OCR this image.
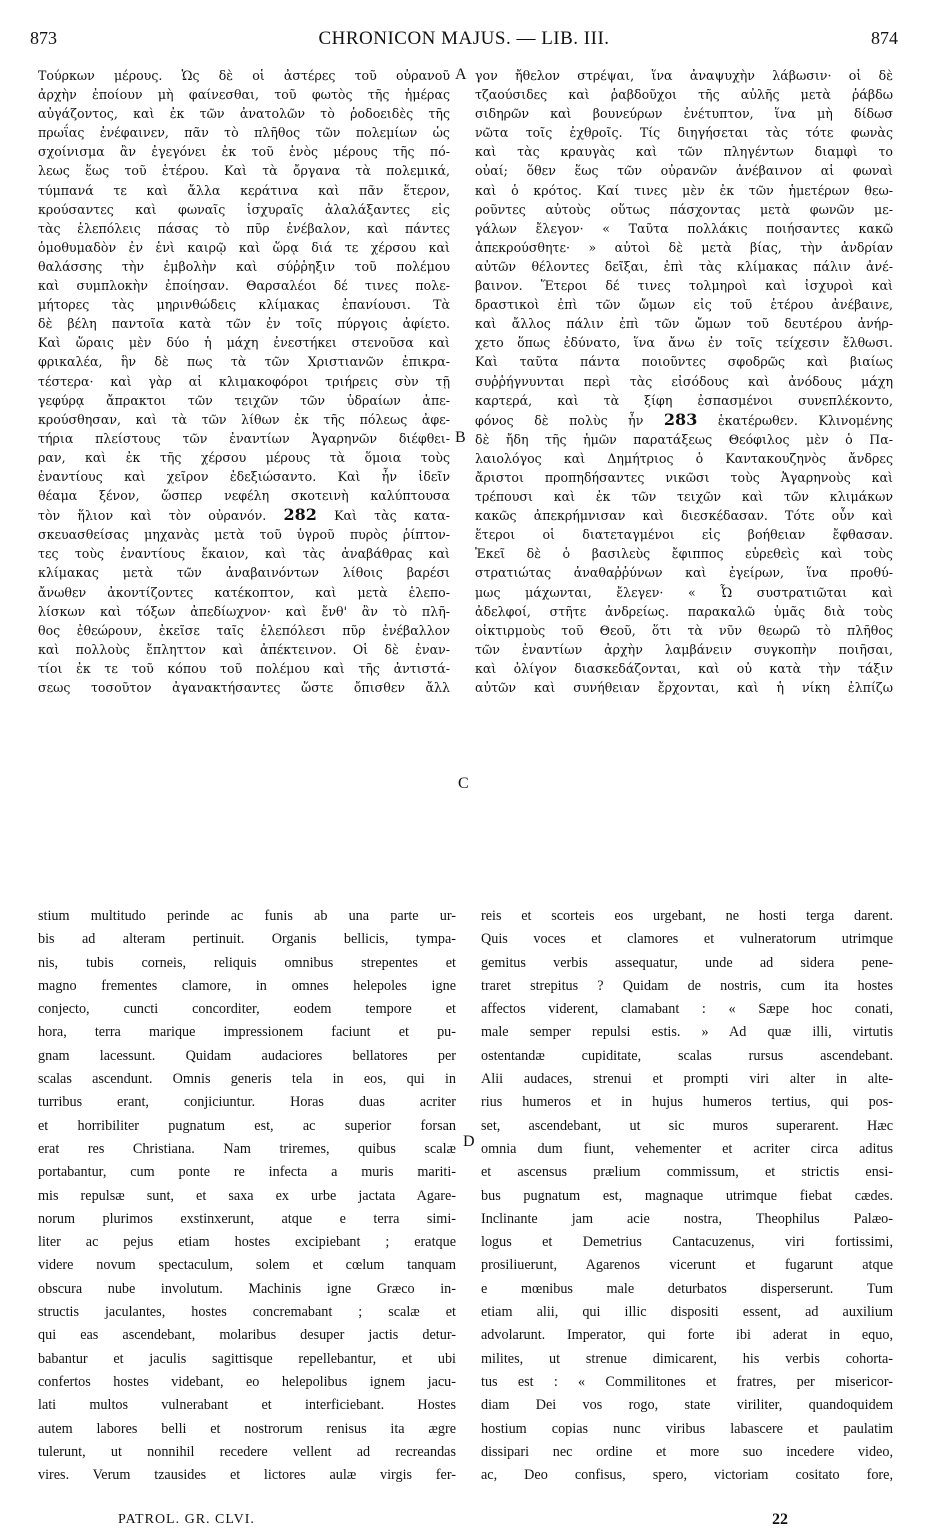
873	CHRONICON MAJUS. — LIB. III.	874
Τούρκων μέρους. Ὡς δὲ οἱ ἀστέρες τοῦ οὐρανοῦ
ἀρχὴν ἐποίουν μὴ φαίνεσθαι, τοῦ φωτὸς τῆς ἡμέρας
αὐγάζοντος, καὶ ἐκ τῶν ἀνατολῶν τὸ ῥοδοειδὲς τῆς
πρωΐας ἐνέφαινεν, πᾶν τὸ πλῆθος τῶν πολεμίων ὡς
σχοίνισμα ἂν ἐγεγόνει ἐκ τοῦ ἑνὸς μέρους τῆς πό-
λεως ἕως τοῦ ἑτέρου. Καὶ τὰ ὄργανα τὰ πολεμικά,
τύμπανά τε καὶ ἄλλα κεράτινα καὶ πᾶν ἕτερον,
κρούσαντες καὶ φωναῖς ἰσχυραῖς ἀλαλάξαντες εἰς
τὰς ἑλεπόλεις πάσας τὸ πῦρ ἐνέβαλον, καὶ πάντες
ὁμοθυμαδὸν ἐν ἑνὶ καιρῷ καὶ ὥρᾳ διά τε χέρσου καὶ
θαλάσσης τὴν ἐμβολὴν καὶ σύῤῥηξιν τοῦ πολέμου
καὶ συμπλοκὴν ἐποίησαν. Θαρσαλέοι δέ τινες πολε-
μήτορες τὰς μηρινθώδεις κλίμακας ἐπανίουσι. Τὰ
δὲ βέλη παντοῖα κατὰ τῶν ἐν τοῖς πύργοις ἀφίετο.
Καὶ ὥραις μὲν δύο ἡ μάχη ἐνεστήκει στενοῦσα καὶ
φρικαλέα, ἣν δὲ πως τὰ τῶν Χριστιανῶν ἐπικρα-
τέστερα· καὶ γὰρ αἱ κλιμακοφόροι τριήρεις σὺν τῇ
γεφύρᾳ ἄπρακτοι τῶν τειχῶν τῶν ὑδραίων ἀπε-
κρούσθησαν, καὶ τὰ τῶν λίθων ἐκ τῆς πόλεως ἀφε-
τήρια πλείστους τῶν ἐναντίων Ἀγαρηνῶν διέφθει-
ραν, καὶ ἐκ τῆς χέρσου μέρους τὰ ὅμοια τοὺς
ἐναντίους καὶ χεῖρον ἐδεξιώσαντο. Καὶ ἦν ἰδεῖν
θέαμα ξένον, ὥσπερ νεφέλη σκοτεινὴ καλύπτουσα
τὸν ἥλιον καὶ τὸν οὐρανόν. 282 Καὶ τὰς κατα-
σκευασθείσας μηχανὰς μετὰ τοῦ ὑγροῦ πυρὸς ῥίπτον-
τες τοὺς ἐναντίους ἔκαιον, καὶ τὰς ἀναβάθρας καὶ
κλίμακας μετὰ τῶν ἀναβαινόντων λίθοις βαρέσι
ἄνωθεν ἀκοντίζοντες κατέκοπτον, καὶ μετὰ ἑλεπο-
λίσκων καὶ τόξων ἀπεδίωχνον· καὶ ἔνθ' ἂν τὸ πλῆ-
θος ἐθεώρουν, ἐκεῖσε ταῖς ἑλεπόλεσι πῦρ ἐνέβαλλον
καὶ πολλοὺς ἔπληττον καὶ ἀπέκτεινον. Οἱ δὲ ἐναν-
τίοι ἐκ τε τοῦ κόπου τοῦ πολέμου καὶ τῆς ἀντιστά-
σεως τοσοῦτον ἀγανακτήσαντες ὥστε ὄπισθεν ἄλλ
γον ἤθελον στρέψαι, ἵνα ἀναψυχὴν λάβωσιν· οἱ δὲ
τζαούσιδες καὶ ῥαβδοῦχοι τῆς αὐλῆς μετὰ ῥάβδω
σιδηρῶν καὶ βουνεύρων ἐνέτυπτον, ἵνα μὴ δίδωσ
νῶτα τοῖς ἐχθροῖς. Τίς διηγήσεται τὰς τότε φωνὰς
καὶ τὰς κραυγὰς καὶ τῶν πληγέντων διαμφὶ το
οὐαί; ὅθεν ἕως τῶν οὐρανῶν ἀνέβαινον αἱ φωναὶ
καὶ ὁ κρότος. Καί τινες μὲν ἐκ τῶν ἡμετέρων θεω-
ροῦντες αὐτοὺς οὕτως πάσχοντας μετὰ φωνῶν με-
γάλων ἔλεγον· « Ταῦτα πολλάκις ποιήσαντες κακῶ
ἀπεκρούσθητε· » αὐτοὶ δὲ μετὰ βίας, τὴν ἀνδρίαν
αὐτῶν θέλοντες δεῖξαι, ἐπὶ τὰς κλίμακας πάλιν ἀνέ-
βαινον. Ἕτεροι δέ τινες τολμηροὶ καὶ ἰσχυροὶ καὶ
δραστικοὶ ἐπὶ τῶν ὤμων εἰς τοῦ ἑτέρου ἀνέβαινε,
καὶ ἄλλος πάλιν ἐπὶ τῶν ὤμων τοῦ δευτέρου ἀνήρ-
χετο ὅπως ἐδύνατο, ἵνα ἄνω ἐν τοῖς τείχεσιν ἔλθωσι.
Καὶ ταῦτα πάντα ποιοῦντες σφοδρῶς καὶ βιαίως
συῤῥήγνυνται περὶ τὰς εἰσόδους καὶ ἀνόδους μάχη
καρτερά, καὶ τὰ ξίφη ἐσπασμένοι συνεπλέκοντο,
φόνος δὲ πολὺς ἦν 283 ἑκατέρωθεν. Κλινομένης
δὲ ἤδη τῆς ἡμῶν παρατάξεως Θεόφιλος μὲν ὁ Πα-
λαιολόγος καὶ Δημήτριος ὁ Καντακουζηνὸς ἄνδρες
ἄριστοι προπηδήσαντες νικῶσι τοὺς Ἀγαρηνοὺς καὶ
τρέπουσι καὶ ἐκ τῶν τειχῶν καὶ τῶν κλιμάκων
κακῶς ἀπεκρήμνισαν καὶ διεσκέδασαν. Τότε οὖν καὶ
ἕτεροι οἱ διατεταγμένοι εἰς βοήθειαν ἔφθασαν.
Ἐκεῖ δὲ ὁ βασιλεὺς ἔφιππος εὑρεθεὶς καὶ τοὺς
στρατιώτας ἀναθαῤῥύνων καὶ ἐγείρων, ἵνα προθύ-
μως μάχωνται, ἔλεγεν· « Ὦ συστρατιῶται καὶ
ἀδελφοί, στῆτε ἀνδρείως. παρακαλῶ ὑμᾶς διὰ τοὺς
οἰκτιρμοὺς τοῦ Θεοῦ, ὅτι τὰ νῦν θεωρῶ τὸ πλῆθος
τῶν ἐναντίων ἀρχὴν λαμβάνειν συγκοπὴν ποιῆσαι,
καὶ ὀλίγον διασκεδάζονται, καὶ οὐ κατὰ τὴν τάξιν
αὐτῶν καὶ συνήθειαν ἔρχονται, καὶ ἡ νίκη ἐλπίζω
A
B
C
D
stium multitudo perinde ac funis ab una parte ur-
bis ad alteram pertinuit. Organis bellicis, tympa-
nis, tubis corneis, reliquis omnibus strepentes et
magno frementes clamore, in omnes helepoles igne
conjecto, cuncti concorditer, eodem tempore et
hora, terra marique impressionem faciunt et pu-
gnam lacessunt. Quidam audaciores bellatores per
scalas ascendunt. Omnis generis tela in eos, qui in
turribus erant, conjiciuntur. Horas duas acriter
et horribiliter pugnatum est, ac superior forsan
erat res Christiana. Nam triremes, quibus scalæ
portabantur, cum ponte re infecta a muris mariti-
mis repulsæ sunt, et saxa ex urbe jactata Agare-
norum plurimos exstinxerunt, atque e terra simi-
liter ac pejus etiam hostes excipiebant ; eratque
videre novum spectaculum, solem et cœlum tanquam
obscura nube involutum. Machinis igne Græco in-
structis jaculantes, hostes concremabant ; scalæ et
qui eas ascendebant, molaribus desuper jactis detur-
babantur et jaculis sagittisque repellebantur, et ubi
confertos hostes videbant, eo helepolibus ignem jacu-
lati multos vulnerabant et interficiebant. Hostes
autem labores belli et nostrorum renisus ita ægre
tulerunt, ut nonnihil recedere vellent ad recreandas
vires. Verum tzausides et lictores aulæ virgis fer-
reis et scorteis eos urgebant, ne hosti terga darent.
Quis voces et clamores et vulneratorum utrimque
gemitus verbis assequatur, unde ad sidera pene-
traret strepitus ? Quidam de nostris, cum ita hostes
affectos viderent, clamabant : « Sæpe hoc conati,
male semper repulsi estis. » Ad quæ illi, virtutis
ostentandæ cupiditate, scalas rursus ascendebant.
Alii audaces, strenui et prompti viri alter in alte-
rius humeros et in hujus humeros tertius, qui pos-
set, ascendebant, ut sic muros superarent. Hæc
omnia dum fiunt, vehementer et acriter circa aditus
et ascensus prælium commissum, et strictis ensi-
bus pugnatum est, magnaque utrimque fiebat cædes.
Inclinante jam acie nostra, Theophilus Palæo-
logus et Demetrius Cantacuzenus, viri fortissimi,
prosiliuerunt, Agarenos vicerunt et fugarunt atque
e mœnibus male deturbatos disperserunt. Tum
etiam alii, qui illic dispositi essent, ad auxilium
advolarunt. Imperator, qui forte ibi aderat in equo,
milites, ut strenue dimicarent, his verbis cohorta-
tus est : « Commilitones et fratres, per misericor-
diam Dei vos rogo, state viriliter, quandoquidem
hostium copias nunc viribus labascere et paulatim
dissipari nec ordine et more suo incedere video,
ac, Deo confisus, spero, victoriam cositato fore,
PATROL. GR. CLVI.	22
